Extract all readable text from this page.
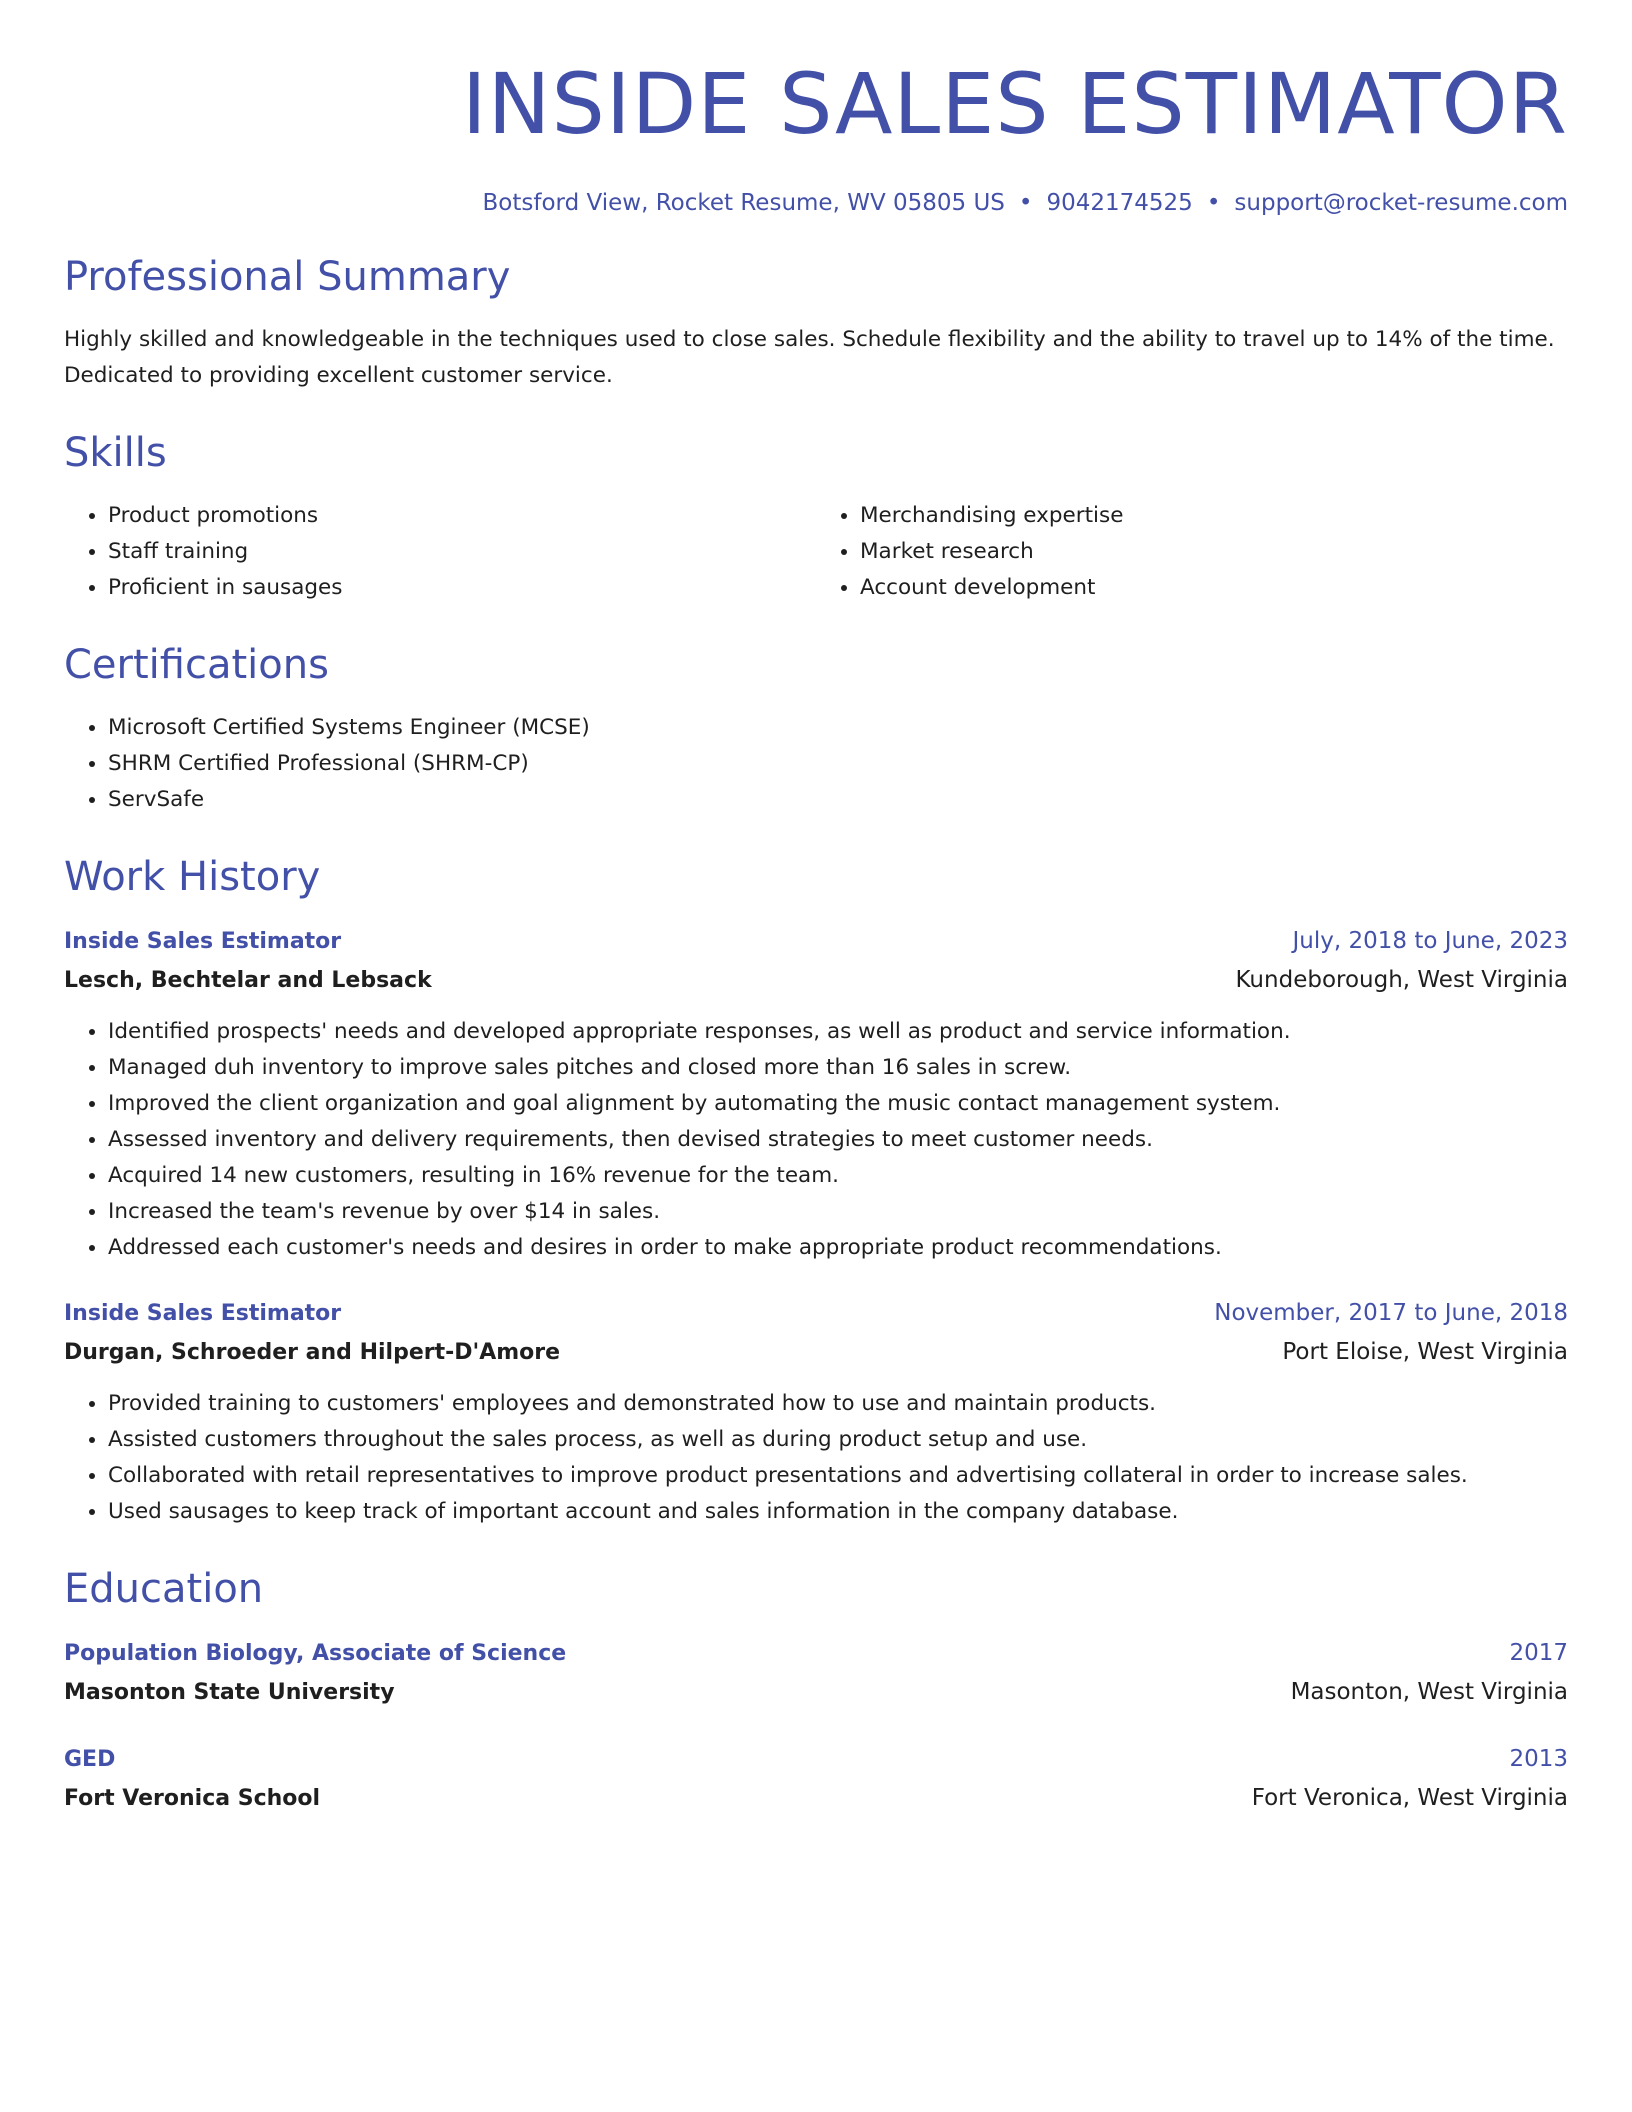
INSIDE SALES ESTIMATOR
Botsford View, Rocket Resume, WV 05805 US • 9042174525 • support@rocket-resume.com
Professional Summary

Highly skilled and knowledgeable in the techniques used to close sales. Schedule flexibility and the ability to travel up to 14% of the time. Dedicated to providing excellent customer service.

Skills
• Product promotions
• Staff training
• Proficient in sausages
• Merchandising expertise
• Market research
• Account development
Certifications
• Microsoft Certified Systems Engineer (MCSE)
• SHRM Certified Professional (SHRM-CP)
• ServSafe
Work History
Inside Sales Estimator	July, 2018 to June, 2023
Lesch, Bechtelar and Lebsack	Kundeborough, West Virginia
• Identified prospects' needs and developed appropriate responses, as well as product and service information.
• Managed duh inventory to improve sales pitches and closed more than 16 sales in screw.
• Improved the client organization and goal alignment by automating the music contact management system.
• Assessed inventory and delivery requirements, then devised strategies to meet customer needs.
• Acquired 14 new customers, resulting in 16% revenue for the team.
• Increased the team's revenue by over $14 in sales.
• Addressed each customer's needs and desires in order to make appropriate product recommendations.
Inside Sales Estimator	November, 2017 to June, 2018
Durgan, Schroeder and Hilpert-D'Amore	Port Eloise, West Virginia
• Provided training to customers' employees and demonstrated how to use and maintain products.
• Assisted customers throughout the sales process, as well as during product setup and use.
• Collaborated with retail representatives to improve product presentations and advertising collateral in order to increase sales.
• Used sausages to keep track of important account and sales information in the company database.
Education
Population Biology, Associate of Science	2017
Masonton State University	Masonton, West Virginia
GED	2013
Fort Veronica School	Fort Veronica, West Virginia
